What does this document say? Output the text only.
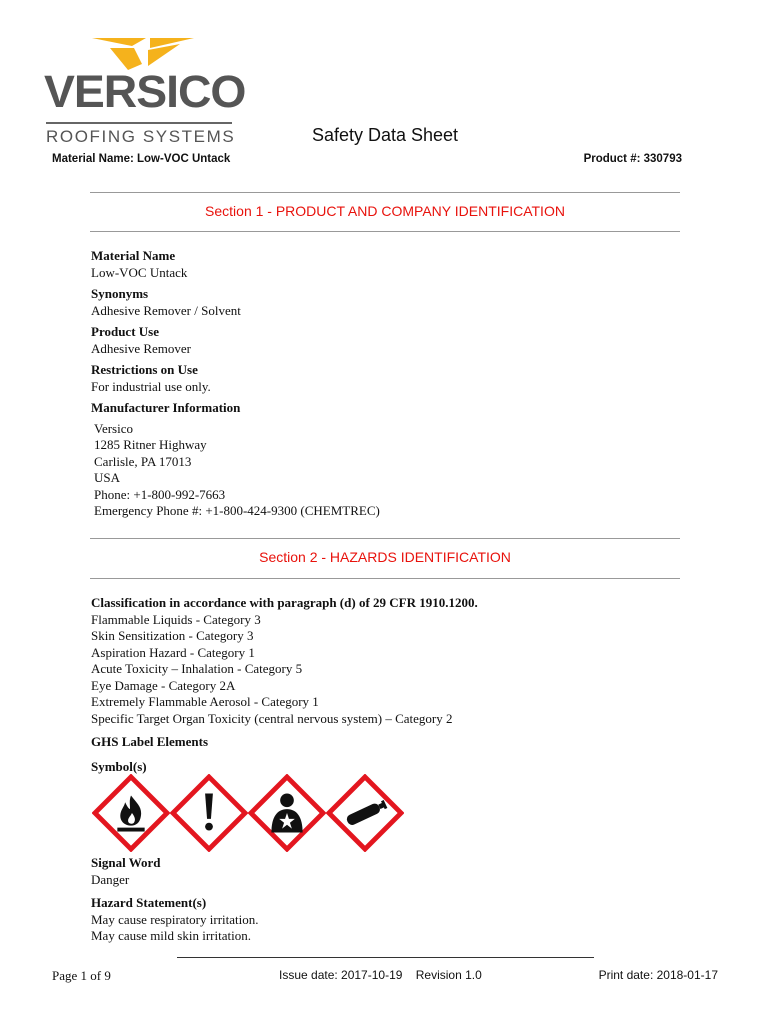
VERSICO
ROOFING SYSTEMS	Safety Data Sheet
Material Name: Low-VOC Untack	Product #: 330793
Section 1 - PRODUCT AND COMPANY IDENTIFICATION
Material Name
Low-VOC Untack
Synonyms
Adhesive Remover / Solvent
Product Use
Adhesive Remover
Restrictions on Use
For industrial use only.
Manufacturer Information
Versico
1285 Ritner Highway
Carlisle, PA 17013
USA
Phone: +1-800-992-7663
Emergency Phone #: +1-800-424-9300 (CHEMTREC)
Section 2 - HAZARDS IDENTIFICATION
Classification in accordance with paragraph (d) of 29 CFR 1910.1200.
Flammable Liquids - Category 3
Skin Sensitization - Category 3
Aspiration Hazard - Category 1
Acute Toxicity – Inhalation - Category 5
Eye Damage - Category 2A
Extremely Flammable Aerosol - Category 1
Specific Target Organ Toxicity (central nervous system) – Category 2
GHS Label Elements
Symbol(s)
Signal Word
Danger
Hazard Statement(s)
May cause respiratory irritation.
May cause mild skin irritation.
Page 1 of 9	Issue date: 2017-10-19    Revision 1.0	Print date: 2018-01-17
